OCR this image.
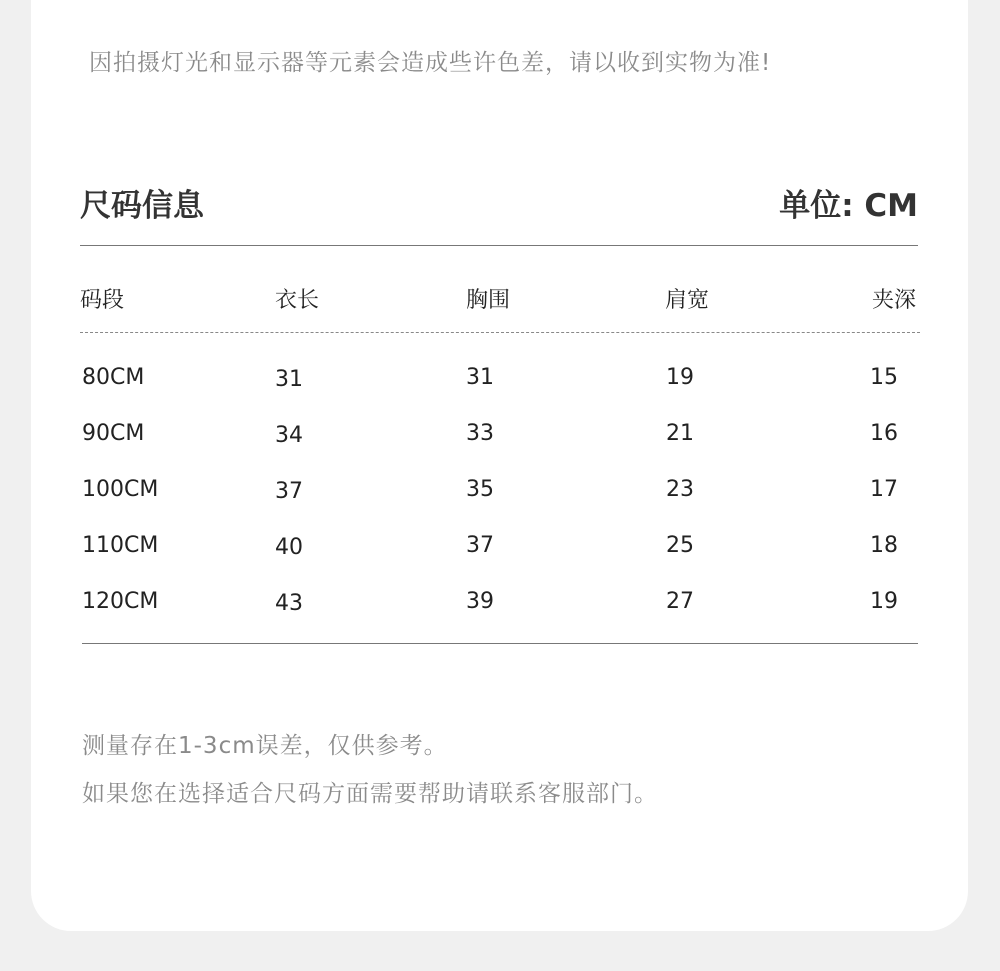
因拍摄灯光和显示器等元素会造成些许色差，请以收到实物为准!
尺码信息	单位: CM
码段	衣长	胸围	肩宽	夹深
80CM	31	31	19	15
90CM	34	33	21	16
100CM	37	35	23	17
110CM	40	37	25	18
120CM	43	39	27	19
测量存在1-3cm误差，仅供参考。
如果您在选择适合尺码方面需要帮助请联系客服部门。
